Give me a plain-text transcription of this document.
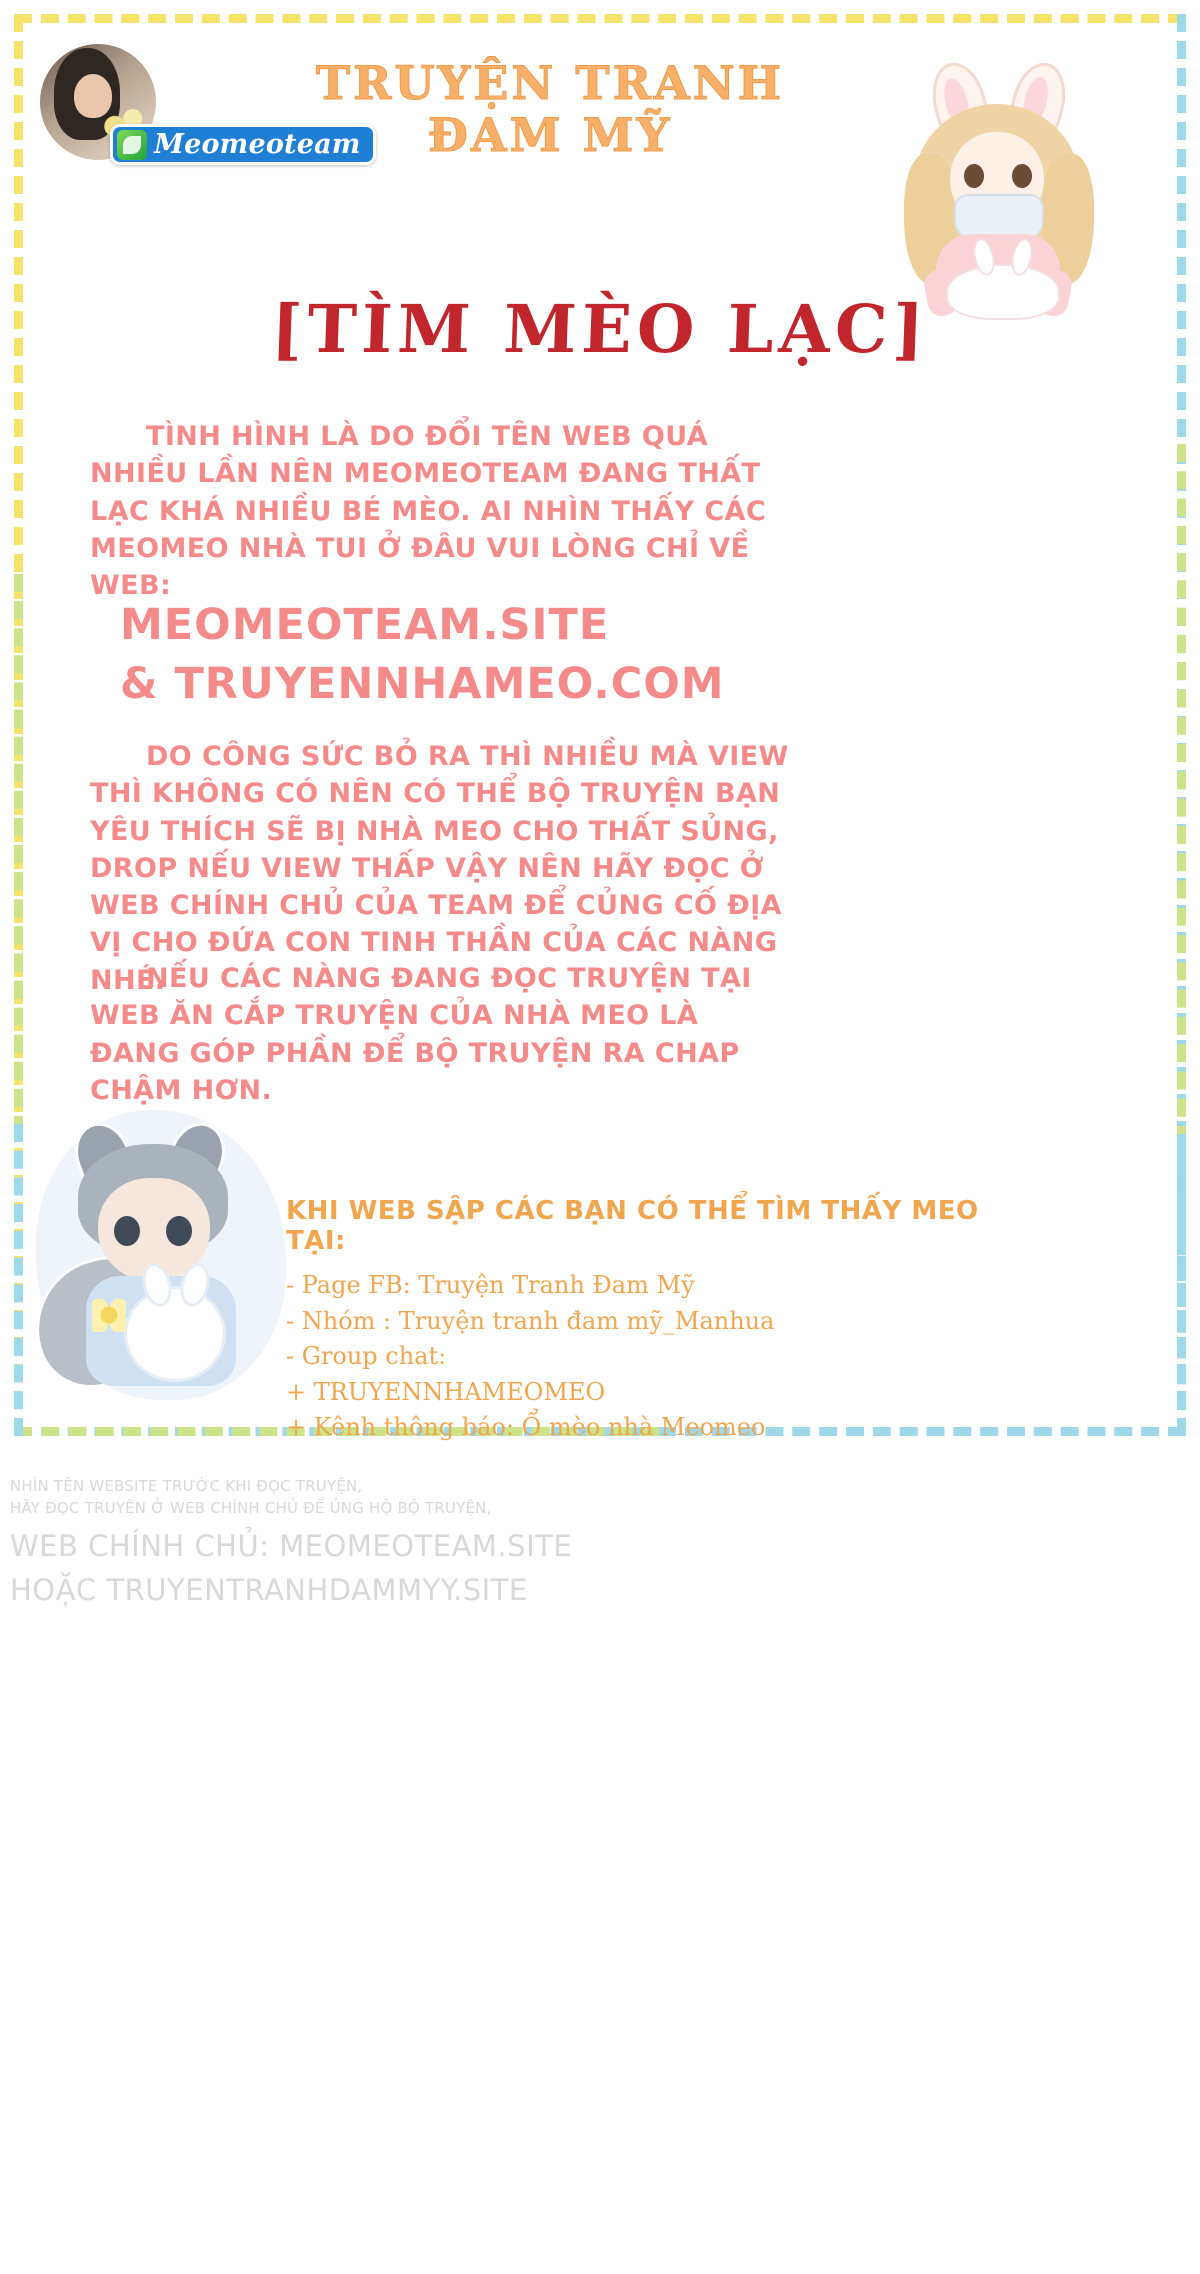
Meomeoteam
TRUYỆN TRANH
ĐAM MỸ
[TÌM MÈO LẠC]
TÌNH HÌNH LÀ DO ĐỔI TÊN WEB QUÁ NHIỀU LẦN NÊN MEOMEOTEAM ĐANG THẤT LẠC KHÁ NHIỀU BÉ MÈO. AI NHÌN THẤY CÁC MEOMEO NHÀ TUI Ở ĐÂU VUI LÒNG CHỈ VỀ WEB:
MEOMEOTEAM.SITE
& TRUYENNHAMEO.COM
DO CÔNG SỨC BỎ RA THÌ NHIỀU MÀ VIEW THÌ KHÔNG CÓ NÊN CÓ THỂ BỘ TRUYỆN BẠN YÊU THÍCH SẼ BỊ NHÀ MEO CHO THẤT SỦNG, DROP NẾU VIEW THẤP VẬY NÊN HÃY ĐỌC Ở WEB CHÍNH CHỦ CỦA TEAM ĐỂ CỦNG CỐ ĐỊA VỊ CHO ĐỨA CON TINH THẦN CỦA CÁC NÀNG NHÉ.
NẾU CÁC NÀNG ĐANG ĐỌC TRUYỆN TẠI WEB ĂN CẮP TRUYỆN CỦA NHÀ MEO LÀ ĐANG GÓP PHẦN ĐỂ BỘ TRUYỆN RA CHAP CHẬM HƠN.
KHI WEB SẬP CÁC BẠN CÓ THỂ TÌM THẤY MEO TẠI:
- Page FB: Truyện Tranh Đam Mỹ
- Nhóm : Truyện tranh đam mỹ_Manhua
- Group chat:
+ TRUYENNHAMEOMEO
+ Kênh thông báo: Ổ mèo nhà Meomeo
NHÌN TÊN WEBSITE TRƯỚC KHI ĐỌC TRUYỆN,
HÃY ĐỌC TRUYỆN Ở WEB CHÍNH CHỦ ĐỂ ỦNG HỘ BỘ TRUYỆN,
WEB CHÍNH CHỦ: MEOMEOTEAM.SITE
HOẶC TRUYENTRANHDAMMYY.SITE
